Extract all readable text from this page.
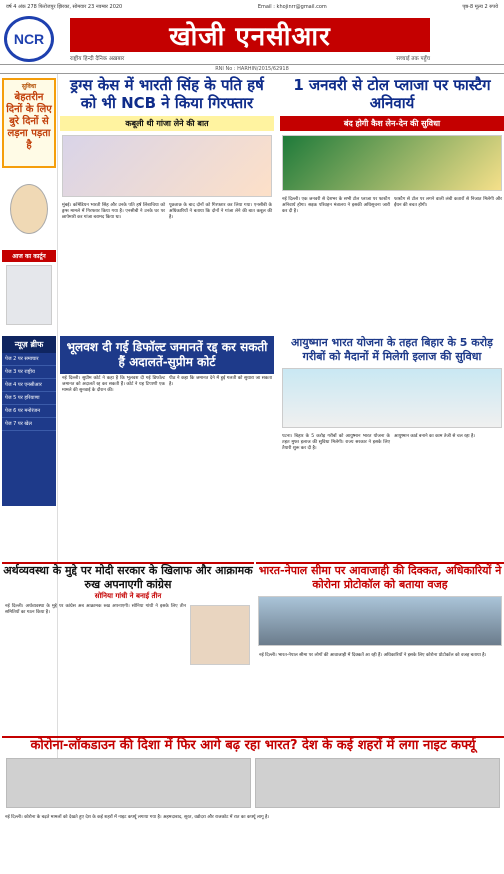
वर्ष 4 अंक 278 फिरोजपुर झिरका, सोमवार 23 नवम्बर 2020	Email : khojinrr@gmail.com	पृष्ठ-8 मूल्य 2 रुपये
NCR	खोजी एनसीआर
राष्ट्रीय हिन्दी दैनिक अख़बार	सच्चाई तक पहुँच
RNI No : HARHIN/2015/62918
सुविधा
बेहतरीन दिनों के लिए बुरे दिनों से लड़ना पड़ता है
आज का कार्टून
न्यूज़ ब्रीफ
पेज 2 पर समाचार
पेज 3 पर राष्ट्रीय
पेज 4 पर एनसीआर
पेज 5 पर हरियाणा
पेज 6 पर मनोरंजन
पेज 7 पर खेल
ड्रग्स केस में भारती सिंह के पति हर्ष को भी NCB ने किया गिरफ्तार
कबूली थी गांजा लेने की बात
मुंबई। कॉमेडियन भारती सिंह और उनके पति हर्ष लिंबाचिया को ड्रग्स मामले में गिरफ्तार किया गया है। एनसीबी ने उनके घर पर छापेमारी कर गांजा बरामद किया था।
पूछताछ के बाद दोनों को गिरफ्तार कर लिया गया। एनसीबी के अधिकारियों ने बताया कि दोनों ने गांजा लेने की बात कबूल की है।
1 जनवरी से टोल प्लाजा पर फास्टैग अनिवार्य
बंद होगी कैश लेन-देन की सुविधा
नई दिल्ली। एक जनवरी से देशभर के सभी टोल प्लाजा पर फास्टैग अनिवार्य होगा। सड़क परिवहन मंत्रालय ने इसकी अधिसूचना जारी कर दी है।
फास्टैग से टोल पर लगने वाली लंबी कतारों से निजात मिलेगी और ईंधन की बचत होगी।
भूलवश दी गई डिफॉल्ट जमानतें रद्द कर सकती हैं अदालतें-सुप्रीम कोर्ट
नई दिल्ली। सुप्रीम कोर्ट ने कहा है कि भूलवश दी गई डिफॉल्ट जमानत को अदालतें रद्द कर सकती हैं। कोर्ट ने यह टिप्पणी एक मामले की सुनवाई के दौरान की।
पीठ ने कहा कि जमानत देने में हुई गलती को सुधारा जा सकता है।
आयुष्मान भारत योजना के तहत बिहार के 5 करोड़ गरीबों को मैदानों में मिलेगी इलाज की सुविधा
पटना। बिहार के 5 करोड़ गरीबों को आयुष्मान भारत योजना के तहत मुफ्त इलाज की सुविधा मिलेगी। राज्य सरकार ने इसके लिए तैयारी शुरू कर दी है।
आयुष्मान कार्ड बनाने का काम तेजी से चल रहा है।
अर्थव्यवस्था के मुद्दे पर मोदी सरकार के खिलाफ और आक्रामक रुख अपनाएगी कांग्रेस
सोनिया गांधी ने बनाई तीन
नई दिल्ली। अर्थव्यवस्था के मुद्दे पर कांग्रेस अब आक्रामक रुख अपनाएगी। सोनिया गांधी ने इसके लिए तीन समितियों का गठन किया है।
भारत-नेपाल सीमा पर आवाजाही की दिक्कत, अधिकारियों ने कोरोना प्रोटोकॉल को बताया वजह
नई दिल्ली। भारत-नेपाल सीमा पर लोगों की आवाजाही में दिक्कतें आ रही हैं। अधिकारियों ने इसके लिए कोरोना प्रोटोकॉल को वजह बताया है।
कोरोना-लॉकडाउन की दिशा में फिर आगे बढ़ रहा भारत? देश के कई शहरों में लगा नाइट कर्फ्यू
नई दिल्ली। कोरोना के बढ़ते मामलों को देखते हुए देश के कई शहरों में नाइट कर्फ्यू लगाया गया है। अहमदाबाद, सूरत, वडोदरा और राजकोट में रात का कर्फ्यू लागू है।
